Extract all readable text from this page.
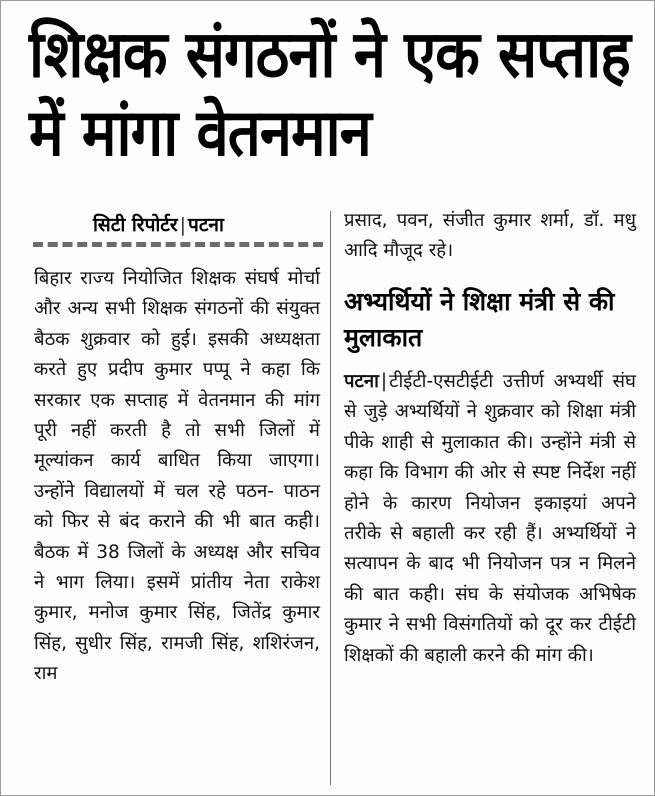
शिक्षक संगठनों ने एक सप्ताह में मांगा वेतनमान
सिटी रिपोर्टर | पटना

बिहार राज्य नियोजित शिक्षक संघर्ष मोर्चा और अन्य सभी शिक्षक संगठनों की संयुक्त बैठक शुक्रवार को हुई। इसकी अध्यक्षता करते हुए प्रदीप कुमार पप्पू ने कहा कि सरकार एक सप्ताह में वेतनमान की मांग पूरी नहीं करती है तो सभी जिलों में मूल्यांकन कार्य बाधित किया जाएगा। उन्होंने विद्यालयों में चल रहे पठन- पाठन को फिर से बंद कराने की भी बात कही। बैठक में 38 जिलों के अध्यक्ष और सचिव ने भाग लिया। इसमें प्रांतीय नेता राकेश कुमार, मनोज कुमार सिंह, जितेंद्र कुमार सिंह, सुधीर सिंह, रामजी सिंह, शशिरंजन, राम

प्रसाद, पवन, संजीत कुमार शर्मा, डॉ. मधु आदि मौजूद रहे।

अभ्यर्थियों ने शिक्षा मंत्री से की मुलाकात

पटना | टीईटी-एसटीईटी उत्तीर्ण अभ्यर्थी संघ से जुड़े अभ्यर्थियों ने शुक्रवार को शिक्षा मंत्री पीके शाही से मुलाकात की। उन्होंने मंत्री से कहा कि विभाग की ओर से स्पष्ट निर्देश नहीं होने के कारण नियोजन इकाइयां अपने तरीके से बहाली कर रही हैं। अभ्यर्थियों ने सत्यापन के बाद भी नियोजन पत्र न मिलने की बात कही। संघ के संयोजक अभिषेक कुमार ने सभी विसंगतियों को दूर कर टीईटी शिक्षकों की बहाली करने की मांग की।
